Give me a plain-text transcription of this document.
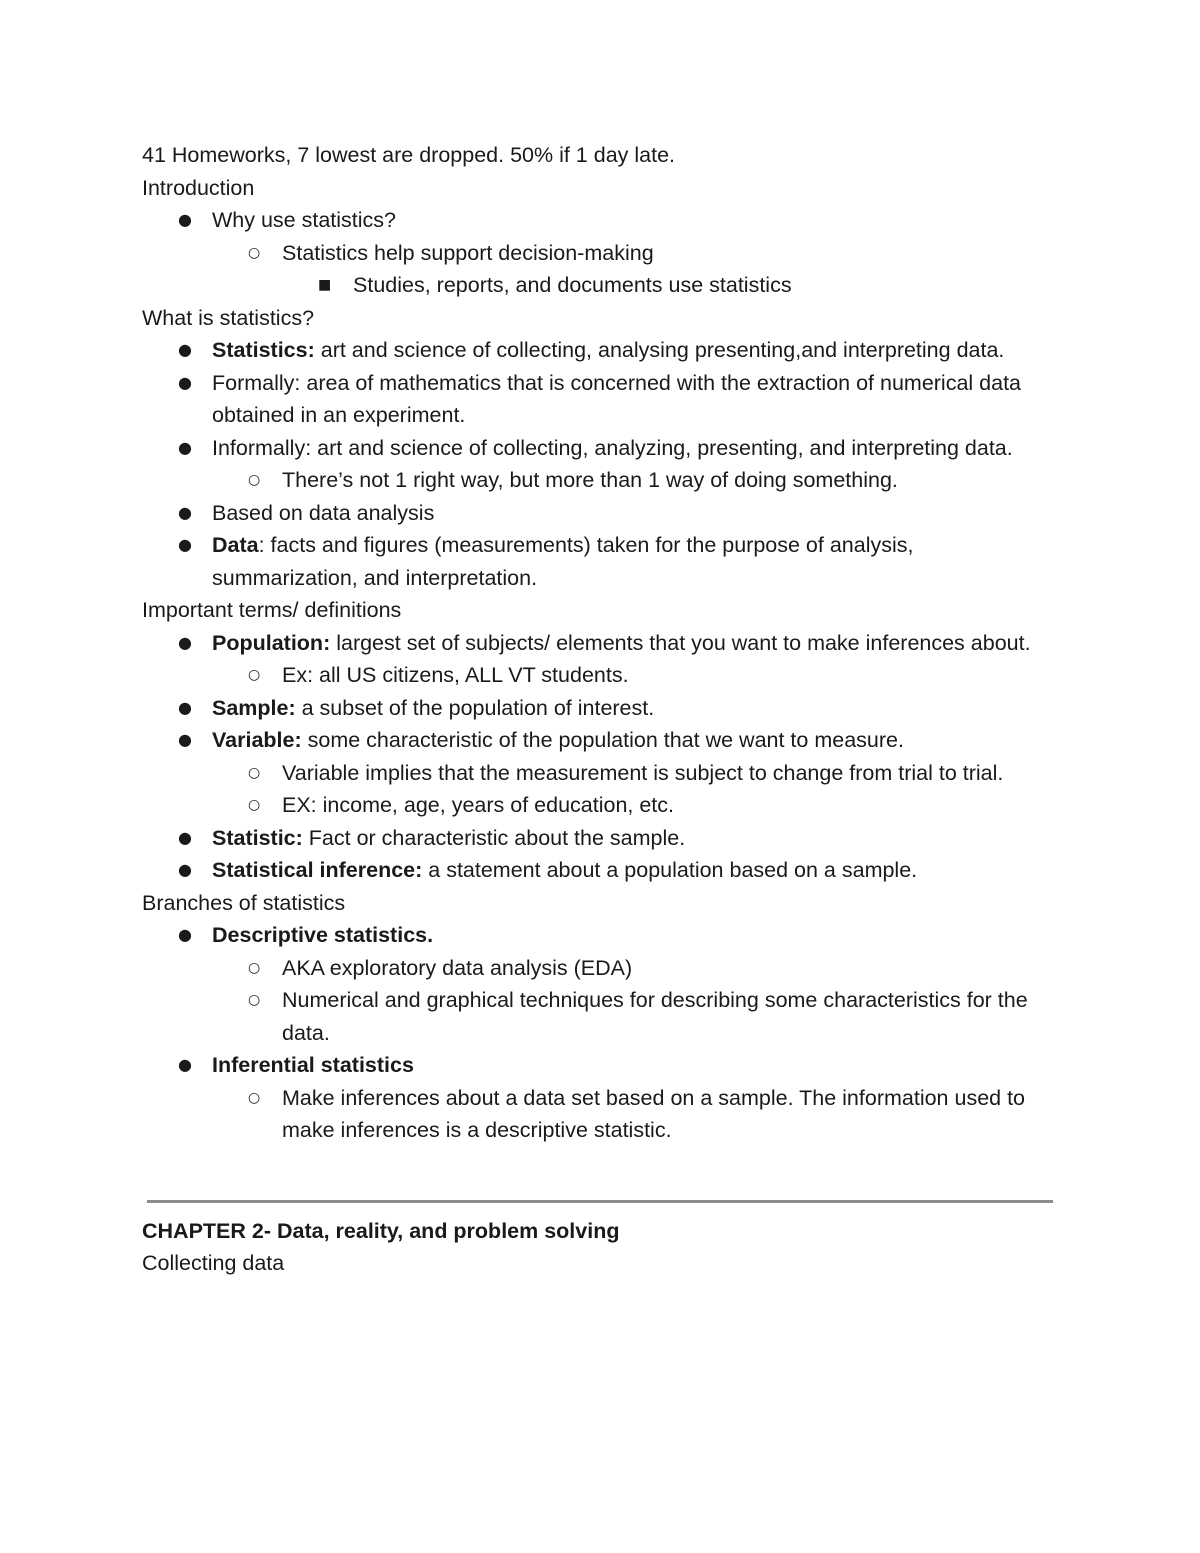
41 Homeworks, 7 lowest are dropped. 50% if 1 day late.

Introduction

● Why use statistics?
○ Statistics help support decision-making
■ Studies, reports, and documents use statistics

What is statistics?

● Statistics: art and science of collecting, analysing presenting,and interpreting data.
● Formally: area of mathematics that is concerned with the extraction of numerical data obtained in an experiment.
● Informally: art and science of collecting, analyzing, presenting, and interpreting data.
○ There’s not 1 right way, but more than 1 way of doing something.
● Based on data analysis
● Data: facts and figures (measurements) taken for the purpose of analysis, summarization, and interpretation.

Important terms/ definitions

● Population: largest set of subjects/ elements that you want to make inferences about.
○ Ex: all US citizens, ALL VT students.
● Sample: a subset of the population of interest.
● Variable: some characteristic of the population that we want to measure.
○ Variable implies that the measurement is subject to change from trial to trial.
○ EX: income, age, years of education, etc.
● Statistic: Fact or characteristic about the sample.
● Statistical inference: a statement about a population based on a sample.

Branches of statistics

● Descriptive statistics.
○ AKA exploratory data analysis (EDA)
○ Numerical and graphical techniques for describing some characteristics for the data.
● Inferential statistics
○ Make inferences about a data set based on a sample. The information used to make inferences is a descriptive statistic.

CHAPTER 2- Data, reality, and problem solving

Collecting data
